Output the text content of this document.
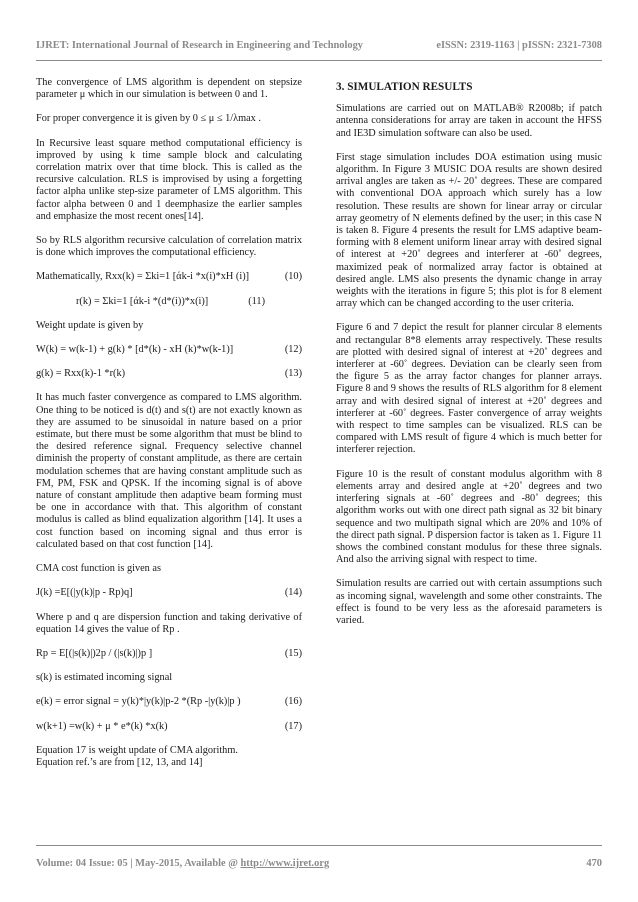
IJRET: International Journal of Research in Engineering and Technology	eISSN: 2319-1163 | pISSN: 2321-7308

The convergence of LMS algorithm is dependent on stepsize parameter μ which in our simulation is between 0 and 1.

For proper convergence it is given by 0 ≤ μ ≤ 1/λmax .

In Recursive least square method computational efficiency is improved by using k time sample block and calculating correlation matrix over that time block. This is called as the recursive calculation. RLS is improvised by using a forgetting factor alpha unlike step-size parameter of LMS algorithm. This factor alpha between 0 and 1 deemphasize the earlier samples and emphasize the most recent ones[14].

So by RLS algorithm recursive calculation of correlation matrix is done which improves the computational efficiency.

Mathematically, Rxx(k) = Σki=1 [άk-i *x(i)*xH (i)]	(10)
r(k) = Σki=1 [άk-i *(d*(i))*x(i)]	(11)

Weight update is given by

W(k) = w(k-1) + g(k) * [d*(k) - xH (k)*w(k-1)]	(12)
g(k) = Rxx(k)-1 *r(k)	(13)

It has much faster convergence as compared to LMS algorithm. One thing to be noticed is d(t) and s(t) are not exactly known as they are assumed to be sinusoidal in nature based on a prior estimate, but there must be some algorithm that must be blind to the desired reference signal. Frequency selective channel diminish the property of constant amplitude, as there are certain modulation schemes that are having constant amplitude such as FM, PM, FSK and QPSK. If the incoming signal is of above nature of constant amplitude then adaptive beam forming must be one in accordance with that. This algorithm of constant modulus is called as blind equalization algorithm [14]. It uses a cost function based on incoming signal and thus error is calculated based on that cost function [14].

CMA cost function is given as

J(k) =E[(|y(k)|p - Rp)q]	(14)

Where p and q are dispersion function and taking derivative of equation 14 gives the value of Rp .

Rp = E[(|s(k)|)2p / (|s(k)|)p ]	(15)

s(k) is estimated incoming signal

e(k) = error signal = y(k)*|y(k)|p-2 *(Rp -|y(k)|p )	(16)
w(k+1) =w(k) + μ * e*(k) *x(k)	(17)

Equation 17 is weight update of CMA algorithm.

Equation ref.’s are from [12, 13, and 14]

3. SIMULATION RESULTS

Simulations are carried out on MATLAB® R2008b; if patch antenna considerations for array are taken in account the HFSS and IE3D simulation software can also be used.

First stage simulation includes DOA estimation using music algorithm. In Figure 3 MUSIC DOA results are shown desired arrival angles are taken as +/- 20˚ degrees. These are compared with conventional DOA approach which surely has a low resolution. These results are shown for linear array or circular array geometry of N elements defined by the user; in this case N is taken 8. Figure 4 presents the result for LMS adaptive beam-forming with 8 element uniform linear array with desired signal of interest at +20˚ degrees and interferer at -60˚ degrees, maximized peak of normalized array factor is obtained at desired angle. LMS also presents the dynamic change in array weights with the iterations in figure 5; this plot is for 8 element array which can be changed according to the user criteria.

Figure 6 and 7 depict the result for planner circular 8 elements and rectangular 8*8 elements array respectively. These results are plotted with desired signal of interest at +20˚ degrees and interferer at -60˚ degrees. Deviation can be clearly seen from the figure 5 as the array factor changes for planner arrays. Figure 8 and 9 shows the results of RLS algorithm for 8 element array and with desired signal of interest at +20˚ degrees and interferer at -60˚ degrees. Faster convergence of array weights with respect to time samples can be visualized. RLS can be compared with LMS result of figure 4 which is much better for interferer rejection.

Figure 10 is the result of constant modulus algorithm with 8 elements array and desired angle at +20˚ degrees and two interfering signals at -60˚ degrees and -80˚ degrees; this algorithm works out with one direct path signal as 32 bit binary sequence and two multipath signal which are 20% and 10% of the direct path signal. P dispersion factor is taken as 1. Figure 11 shows the combined constant modulus for these three signals. And also the arriving signal with respect to time.

Simulation results are carried out with certain assumptions such as incoming signal, wavelength and some other constraints. The effect is found to be very less as the aforesaid parameters is varied.

Volume: 04 Issue: 05 | May-2015, Available @ http://www.ijret.org	470
